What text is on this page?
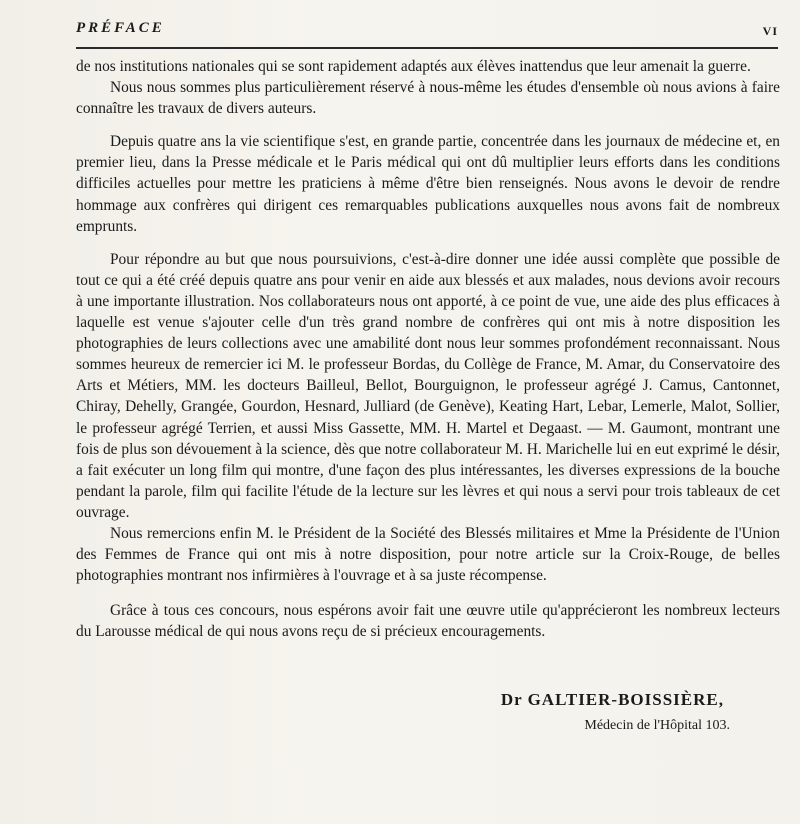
PRÉFACE	VI

de nos institutions nationales qui se sont rapidement adaptés aux élèves inattendus que leur amenait la guerre.

Nous nous sommes plus particulièrement réservé à nous-même les études d'ensemble où nous avions à faire connaître les travaux de divers auteurs.

Depuis quatre ans la vie scientifique s'est, en grande partie, concentrée dans les journaux de médecine et, en premier lieu, dans la Presse médicale et le Paris médical qui ont dû multiplier leurs efforts dans les conditions difficiles actuelles pour mettre les praticiens à même d'être bien renseignés. Nous avons le devoir de rendre hommage aux confrères qui dirigent ces remarquables publications auxquelles nous avons fait de nombreux emprunts.

Pour répondre au but que nous poursuivions, c'est-à-dire donner une idée aussi complète que possible de tout ce qui a été créé depuis quatre ans pour venir en aide aux blessés et aux malades, nous devions avoir recours à une importante illustration. Nos collaborateurs nous ont apporté, à ce point de vue, une aide des plus efficaces à laquelle est venue s'ajouter celle d'un très grand nombre de confrères qui ont mis à notre disposition les photographies de leurs collections avec une amabilité dont nous leur sommes profondément reconnaissant. Nous sommes heureux de remercier ici M. le professeur Bordas, du Collège de France, M. Amar, du Conservatoire des Arts et Métiers, MM. les docteurs Bailleul, Bellot, Bourguignon, le professeur agrégé J. Camus, Cantonnet, Chiray, Dehelly, Grangée, Gourdon, Hesnard, Julliard (de Genève), Keating Hart, Lebar, Lemerle, Malot, Sollier, le professeur agrégé Terrien, et aussi Miss Gassette, MM. H. Martel et Degaast. — M. Gaumont, montrant une fois de plus son dévouement à la science, dès que notre collaborateur M. H. Marichelle lui en eut exprimé le désir, a fait exécuter un long film qui montre, d'une façon des plus intéressantes, les diverses expressions de la bouche pendant la parole, film qui facilite l'étude de la lecture sur les lèvres et qui nous a servi pour trois tableaux de cet ouvrage.

Nous remercions enfin M. le Président de la Société des Blessés militaires et Mme la Présidente de l'Union des Femmes de France qui ont mis à notre disposition, pour notre article sur la Croix-Rouge, de belles photographies montrant nos infirmières à l'ouvrage et à sa juste récompense.

Grâce à tous ces concours, nous espérons avoir fait une œuvre utile qu'apprécieront les nombreux lecteurs du Larousse médical de qui nous avons reçu de si précieux encouragements.

Dr GALTIER-BOISSIÈRE,
Médecin de l'Hôpital 103.
